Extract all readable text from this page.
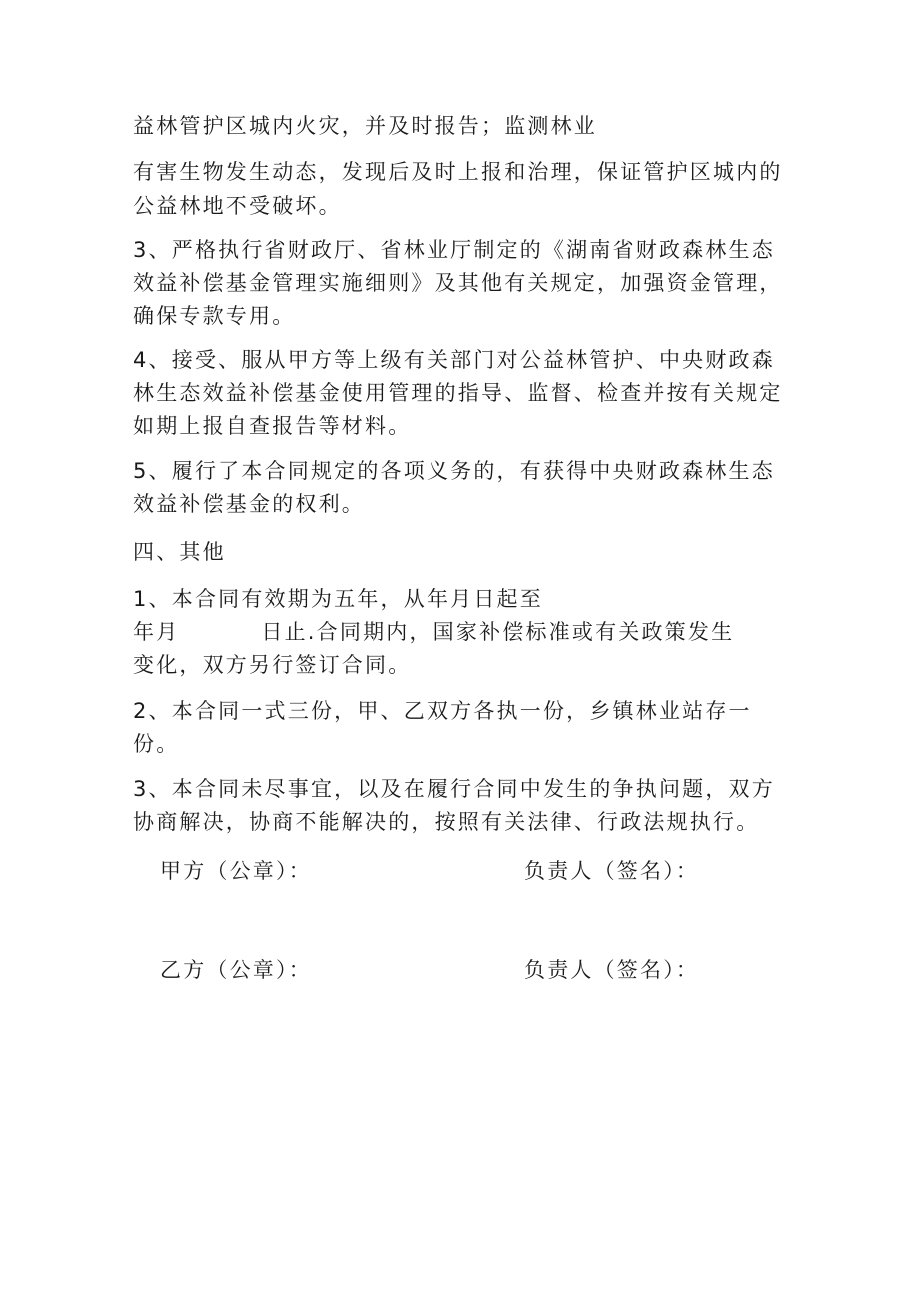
益林管护区城内火灾，并及时报告；监测林业
有害生物发生动态，发现后及时上报和治理，保证管护区城内的
公益林地不受破坏。
3、严格执行省财政厅、省林业厅制定的《湖南省财政森林生态
效益补偿基金管理实施细则》及其他有关规定，加强资金管理，
确保专款专用。
4、接受、服从甲方等上级有关部门对公益林管护、中央财政森
林生态效益补偿基金使用管理的指导、监督、检查并按有关规定
如期上报自查报告等材料。
5、履行了本合同规定的各项义务的，有获得中央财政森林生态
效益补偿基金的权利。
四、其他
1、本合同有效期为五年，从年月日起至
年月	日止.合同期内，国家补偿标准或有关政策发生
变化，双方另行签订合同。
2、本合同一式三份，甲、乙双方各执一份，乡镇林业站存一
份。
3、本合同未尽事宜，以及在履行合同中发生的争执问题，双方
协商解决，协商不能解决的，按照有关法律、行政法规执行。
甲方（公章）：	负责人（签名）：
乙方（公章）：	负责人（签名）：
